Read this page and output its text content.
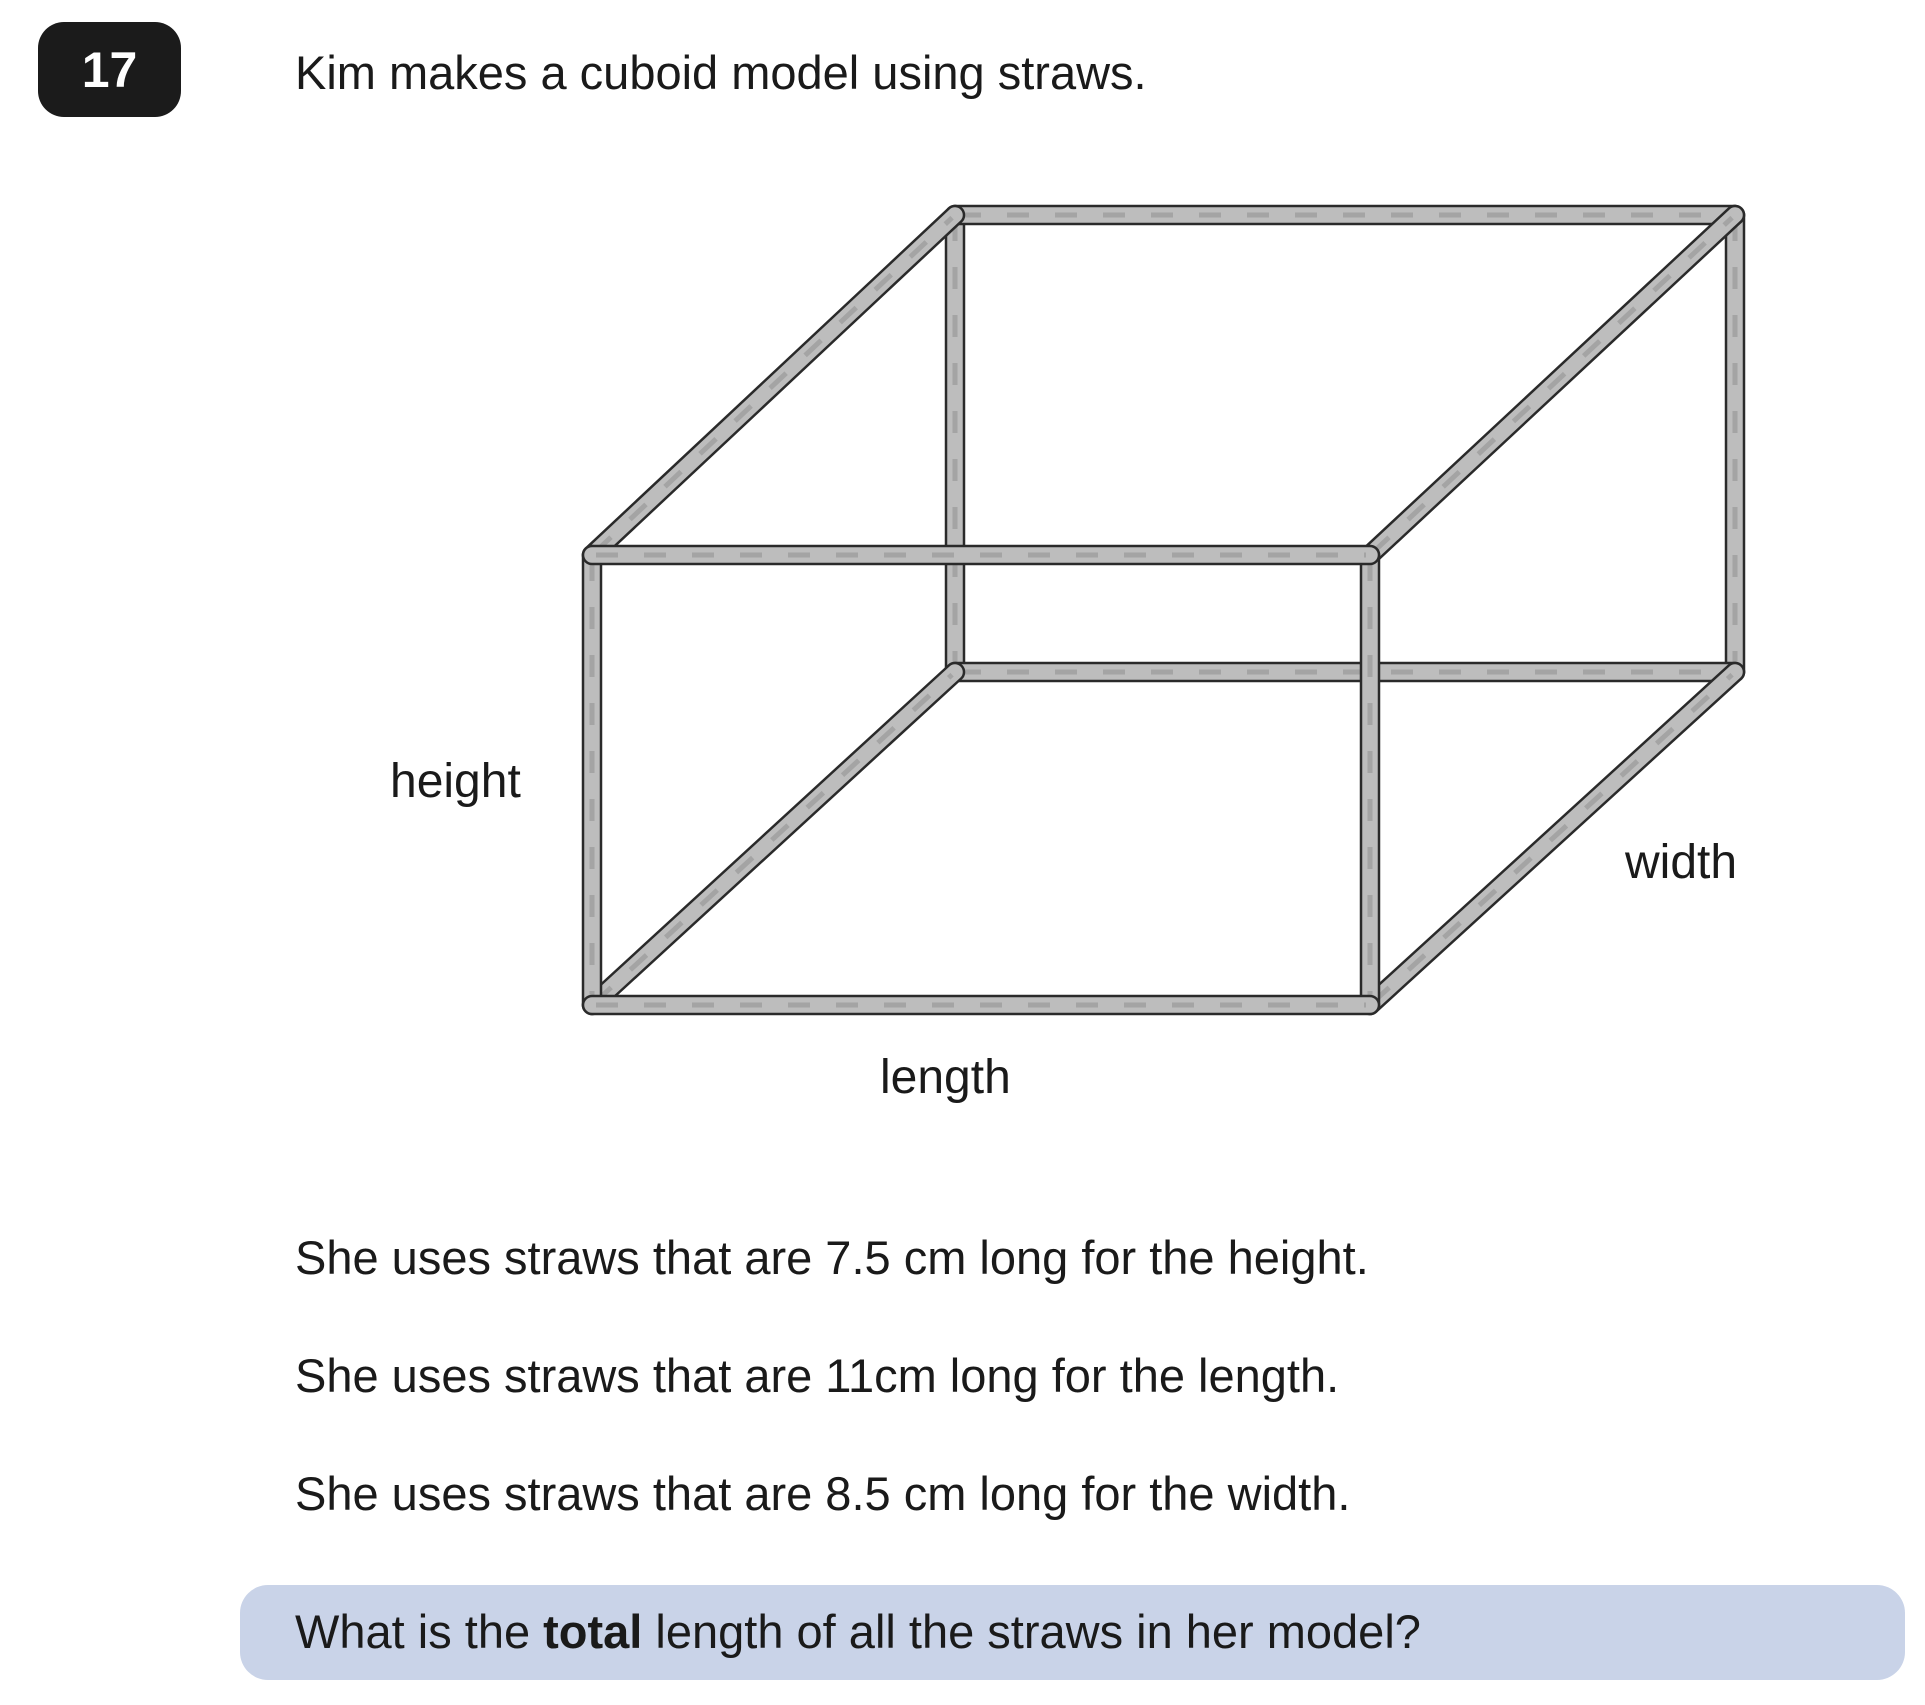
17	Kim makes a cuboid model using straws.
height
length
width
She uses straws that are 7.5 cm long for the height.
She uses straws that are 11cm long for the length.
She uses straws that are 8.5 cm long for the width.
What is the total length of all the straws in her model?
